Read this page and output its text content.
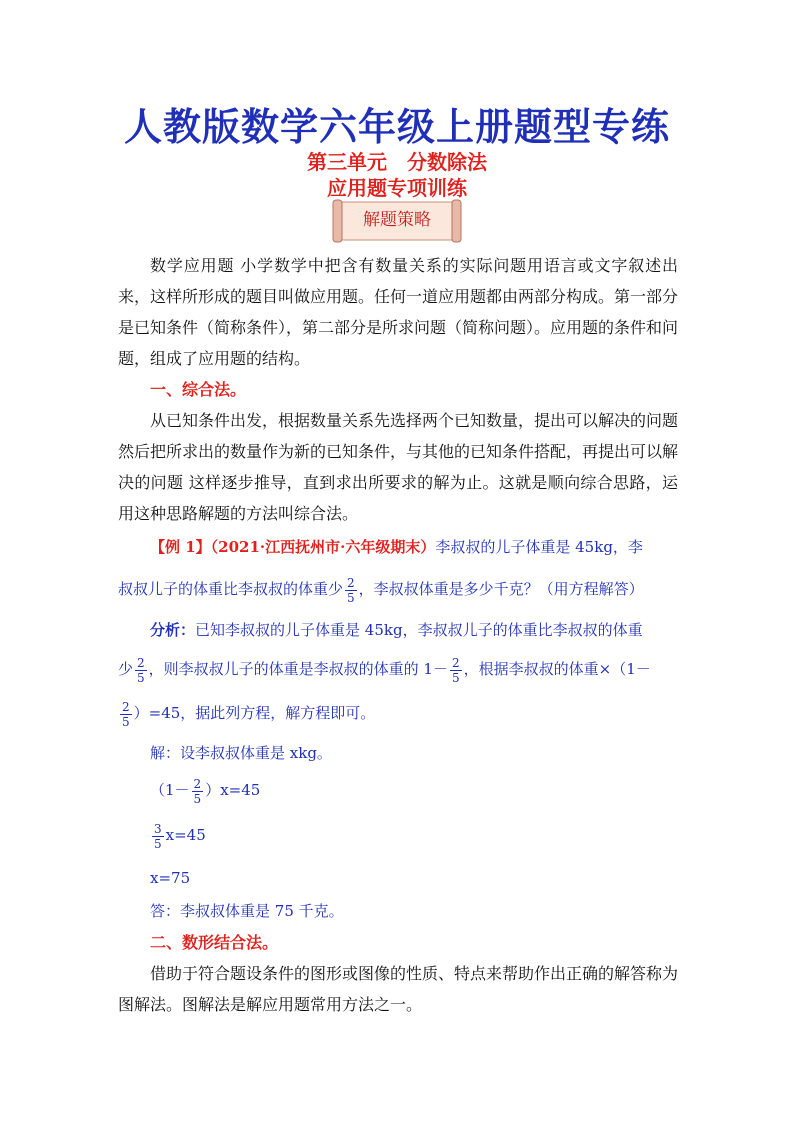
人教版数学六年级上册题型专练
第三单元　分数除法
应用题专项训练
解题策略
数学应用题 小学数学中把含有数量关系的实际问题用语言或文字叙述出来，这样所形成的题目叫做应用题。任何一道应用题都由两部分构成。第一部分是已知条件（简称条件），第二部分是所求问题（简称问题）。应用题的条件和问题，组成了应用题的结构。
一、综合法。
从已知条件出发，根据数量关系先选择两个已知数量，提出可以解决的问题然后把所求出的数量作为新的已知条件，与其他的已知条件搭配，再提出可以解决的问题 这样逐步推导，直到求出所要求的解为止。这就是顺向综合思路，运用这种思路解题的方法叫综合法。
【例 1】（2021·江西抚州市·六年级期末）李叔叔的儿子体重是 45kg，李
叔叔儿子的体重比李叔叔的体重少 $\frac{2}{5}$ ，李叔叔体重是多少千克？（用方程解答）
分析：已知李叔叔的儿子体重是 45kg，李叔叔儿子的体重比李叔叔的体重
少 $\frac{2}{5}$ ，则李叔叔儿子的体重是李叔叔的体重的 $1- \frac{2}{5}$ ，根据李叔叔的体重×（1－
$\frac{2}{5} )=45$，据此列方程，解方程即可。
解：设李叔叔体重是 xkg。
$(1- \frac{2}{5} )x=45$
$\frac{3}{5} x=45$
x=75
答：李叔叔体重是 75 千克。
二、数形结合法。
借助于符合题设条件的图形或图像的性质、特点来帮助作出正确的解答称为图解法。图解法是解应用题常用方法之一。
